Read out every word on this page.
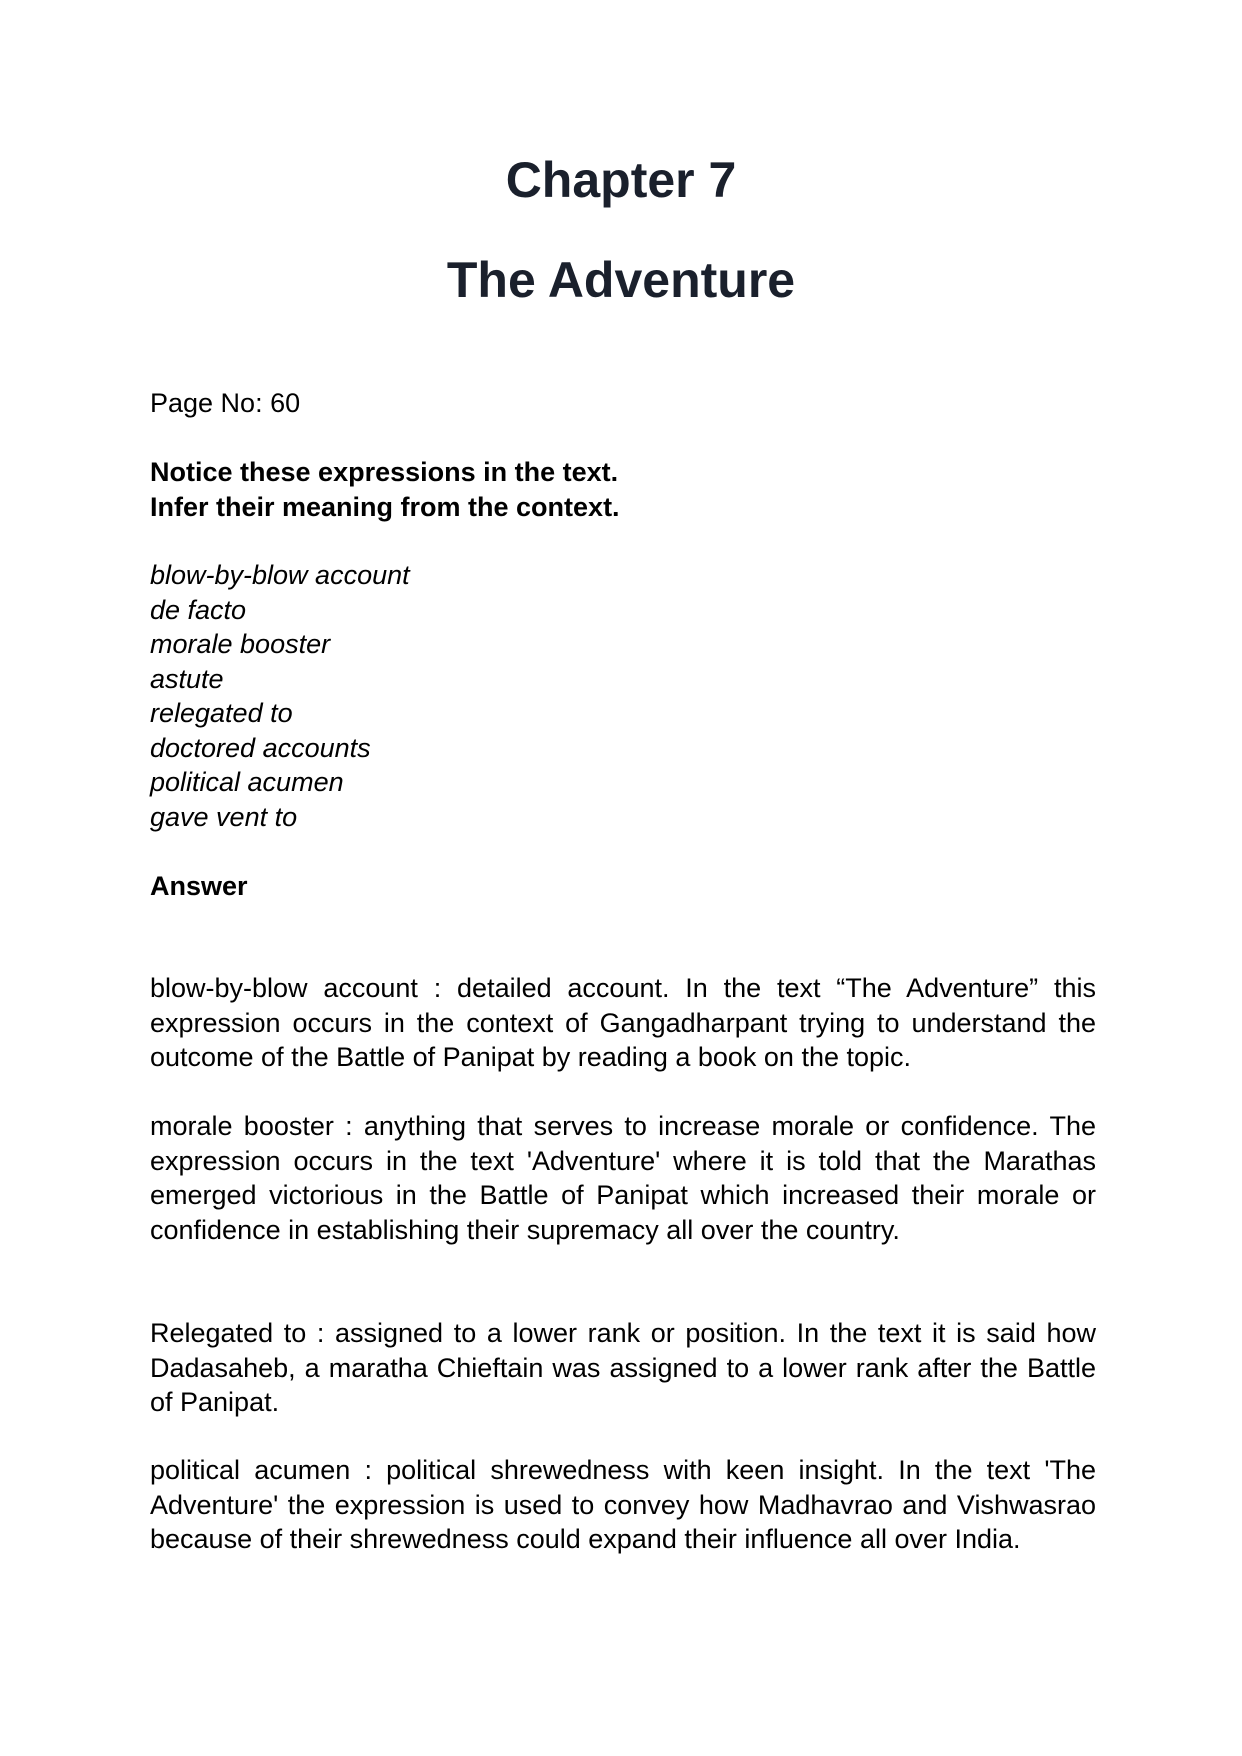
Chapter 7
The Adventure
Page No: 60
Notice these expressions in the text.
Infer their meaning from the context.
blow-by-blow account
de facto
morale booster
astute
relegated to
doctored accounts
political acumen
gave vent to
Answer

blow-by-blow account : detailed account. In the text “The Adventure” this expression occurs in the context of Gangadharpant trying to understand the outcome of the Battle of Panipat by reading a book on the topic.

morale booster : anything that serves to increase morale or confidence. The expression occurs in the text 'Adventure' where it is told that the Marathas emerged victorious in the Battle of Panipat which increased their morale or confidence in establishing their supremacy all over the country.

Relegated to : assigned to a lower rank or position. In the text it is said how Dadasaheb, a maratha Chieftain was assigned to a lower rank after the Battle of Panipat.

political acumen : political shrewedness with keen insight. In the text 'The Adventure' the expression is used to convey how Madhavrao and Vishwasrao because of their shrewedness could expand their influence all over India.
